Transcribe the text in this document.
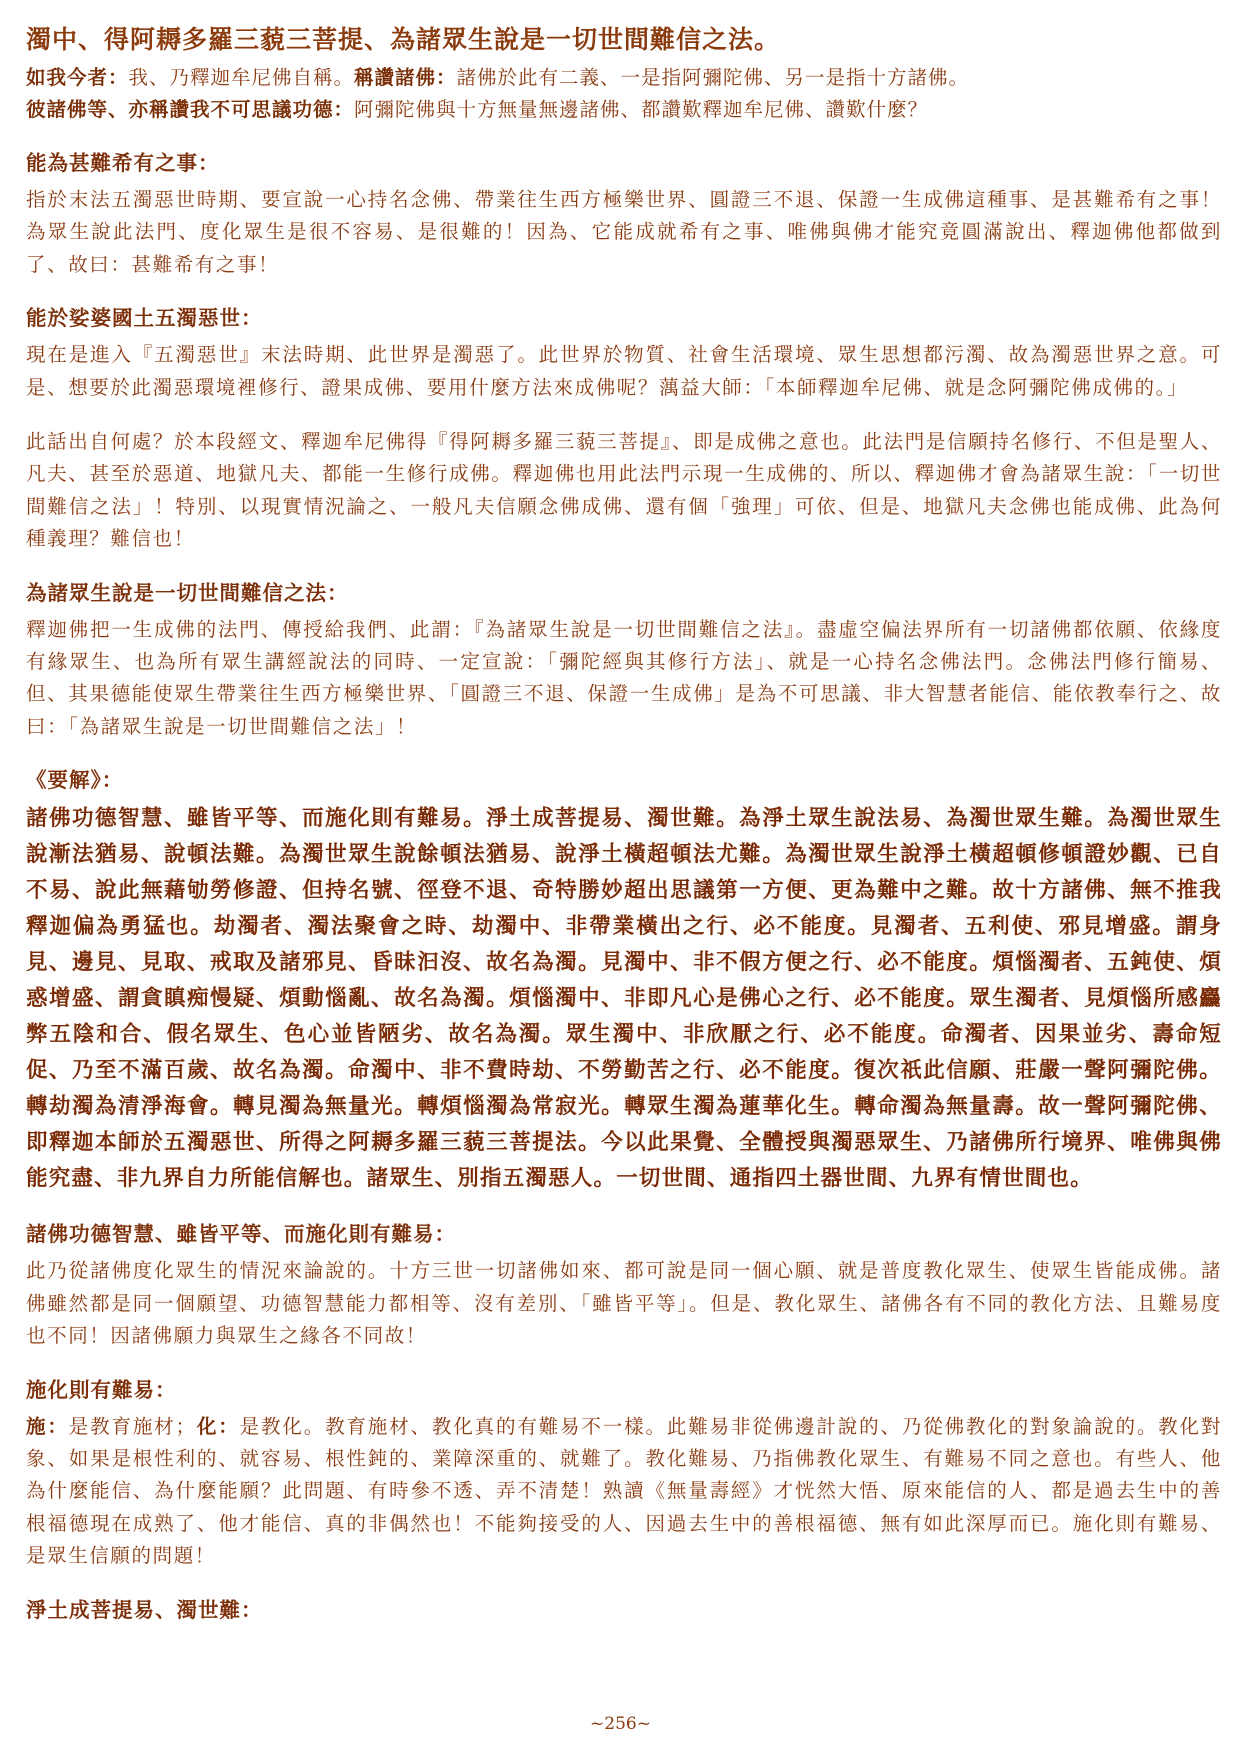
濁中、得阿耨多羅三藐三菩提、為諸眾生說是一切世間難信之法。

如我今者：我、乃釋迦牟尼佛自稱。稱讚諸佛：諸佛於此有二義、一是指阿彌陀佛、另一是指十方諸佛。

彼諸佛等、亦稱讚我不可思議功德：阿彌陀佛與十方無量無邊諸佛、都讚歎釋迦牟尼佛、讚歎什麼？

能為甚難希有之事：

指於末法五濁惡世時期、要宣說一心持名念佛、帶業往生西方極樂世界、圓證三不退、保證一生成佛這種事、是甚難希有之事！為眾生說此法門、度化眾生是很不容易、是很難的！因為、它能成就希有之事、唯佛與佛才能究竟圓滿說出、釋迦佛他都做到了、故曰：甚難希有之事！

能於娑婆國土五濁惡世：

現在是進入『五濁惡世』末法時期、此世界是濁惡了。此世界於物質、社會生活環境、眾生思想都污濁、故為濁惡世界之意。可是、想要於此濁惡環境裡修行、證果成佛、要用什麼方法來成佛呢？蕅益大師：「本師釋迦牟尼佛、就是念阿彌陀佛成佛的。」

此話出自何處？於本段經文、釋迦牟尼佛得『得阿耨多羅三藐三菩提』、即是成佛之意也。此法門是信願持名修行、不但是聖人、凡夫、甚至於惡道、地獄凡夫、都能一生修行成佛。釋迦佛也用此法門示現一生成佛的、所以、釋迦佛才會為諸眾生說：「一切世間難信之法」！特別、以現實情況論之、一般凡夫信願念佛成佛、還有個「強理」可依、但是、地獄凡夫念佛也能成佛、此為何種義理？難信也！

為諸眾生說是一切世間難信之法：

釋迦佛把一生成佛的法門、傳授給我們、此謂：『為諸眾生說是一切世間難信之法』。盡虛空偏法界所有一切諸佛都依願、依緣度有緣眾生、也為所有眾生講經說法的同時、一定宣說：「彌陀經與其修行方法」、就是一心持名念佛法門。念佛法門修行簡易、但、其果德能使眾生帶業往生西方極樂世界、「圓證三不退、保證一生成佛」是為不可思議、非大智慧者能信、能依教奉行之、故曰：「為諸眾生說是一切世間難信之法」！

《要解》：

諸佛功德智慧、雖皆平等、而施化則有難易。淨土成菩提易、濁世難。為淨土眾生說法易、為濁世眾生難。為濁世眾生說漸法猶易、說頓法難。為濁世眾生說餘頓法猶易、說淨土橫超頓法尤難。為濁世眾生說淨土橫超頓修頓證妙觀、已自不易、說此無藉劬勞修證、但持名號、徑登不退、奇特勝妙超出思議第一方便、更為難中之難。故十方諸佛、無不推我釋迦偏為勇猛也。劫濁者、濁法聚會之時、劫濁中、非帶業橫出之行、必不能度。見濁者、五利使、邪見增盛。謂身見、邊見、見取、戒取及諸邪見、昏昧汩沒、故名為濁。見濁中、非不假方便之行、必不能度。煩惱濁者、五鈍使、煩惑增盛、謂貪瞋痴慢疑、煩動惱亂、故名為濁。煩惱濁中、非即凡心是佛心之行、必不能度。眾生濁者、見煩惱所感麤弊五陰和合、假名眾生、色心並皆陋劣、故名為濁。眾生濁中、非欣厭之行、必不能度。命濁者、因果並劣、壽命短促、乃至不滿百歲、故名為濁。命濁中、非不費時劫、不勞勤苦之行、必不能度。復次祇此信願、莊嚴一聲阿彌陀佛。轉劫濁為清淨海會。轉見濁為無量光。轉煩惱濁為常寂光。轉眾生濁為蓮華化生。轉命濁為無量壽。故一聲阿彌陀佛、即釋迦本師於五濁惡世、所得之阿耨多羅三藐三菩提法。今以此果覺、全體授與濁惡眾生、乃諸佛所行境界、唯佛與佛能究盡、非九界自力所能信解也。諸眾生、別指五濁惡人。一切世間、通指四土器世間、九界有情世間也。

諸佛功德智慧、雖皆平等、而施化則有難易：

此乃從諸佛度化眾生的情況來論說的。十方三世一切諸佛如來、都可說是同一個心願、就是普度教化眾生、使眾生皆能成佛。諸佛雖然都是同一個願望、功德智慧能力都相等、沒有差別、「雖皆平等」。但是、教化眾生、諸佛各有不同的教化方法、且難易度也不同！因諸佛願力與眾生之緣各不同故！

施化則有難易：

施：是教育施材；化：是教化。教育施材、教化真的有難易不一樣。此難易非從佛邊計說的、乃從佛教化的對象論說的。教化對象、如果是根性利的、就容易、根性鈍的、業障深重的、就難了。教化難易、乃指佛教化眾生、有難易不同之意也。有些人、他為什麼能信、為什麼能願？此問題、有時參不透、弄不清楚！熟讀《無量壽經》才恍然大悟、原來能信的人、都是過去生中的善根福德現在成熟了、他才能信、真的非偶然也！不能夠接受的人、因過去生中的善根福德、無有如此深厚而已。施化則有難易、是眾生信願的問題！

淨土成菩提易、濁世難：
~256~
